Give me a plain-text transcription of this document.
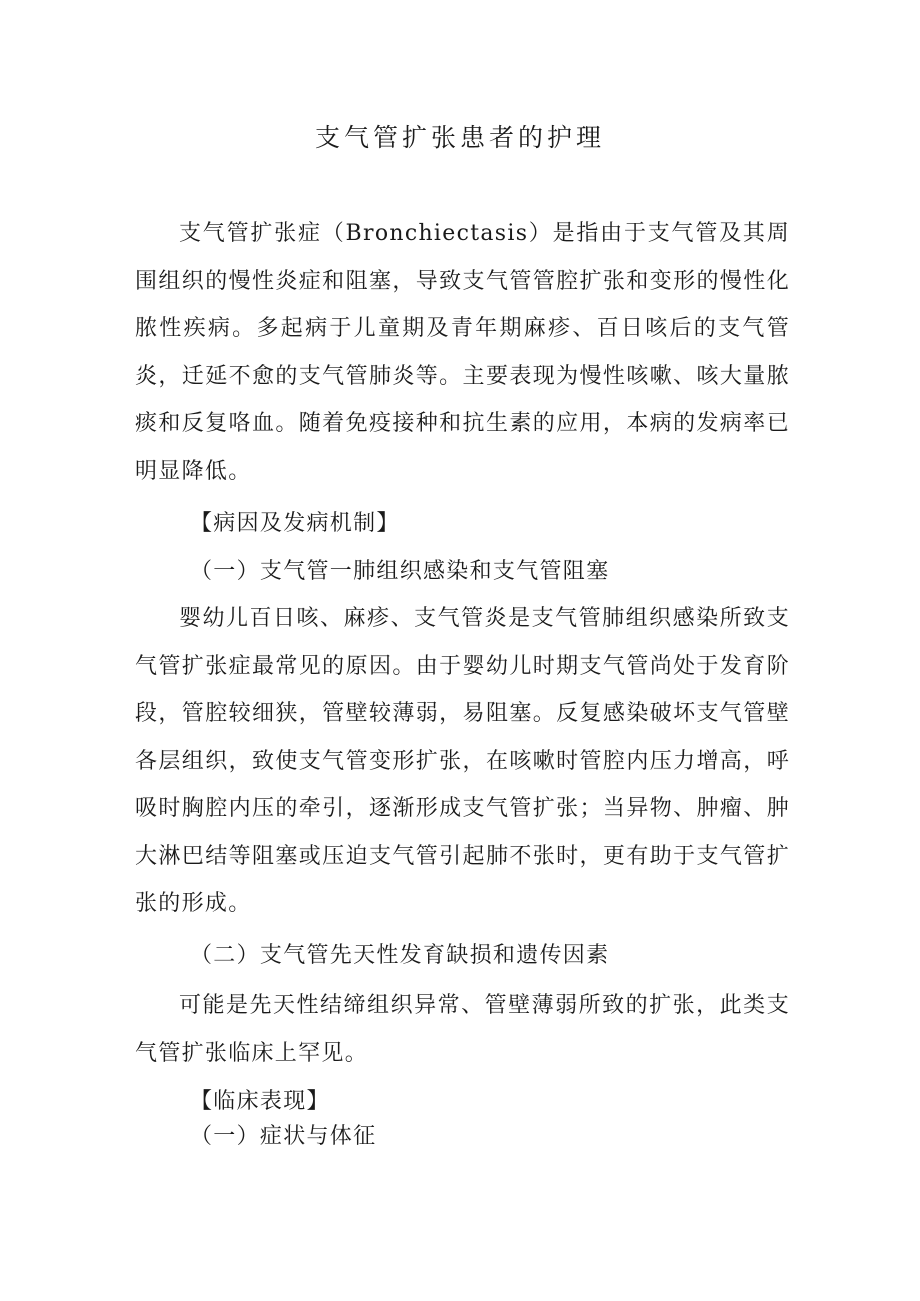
支气管扩张患者的护理

支气管扩张症（Bronchiectasis）是指由于支气管及其周围组织的慢性炎症和阻塞，导致支气管管腔扩张和变形的慢性化脓性疾病。多起病于儿童期及青年期麻疹、百日咳后的支气管炎，迁延不愈的支气管肺炎等。主要表现为慢性咳嗽、咳大量脓痰和反复咯血。随着免疫接种和抗生素的应用，本病的发病率已明显降低。

【病因及发病机制】
（一）支气管一肺组织感染和支气管阻塞

婴幼儿百日咳、麻疹、支气管炎是支气管肺组织感染所致支气管扩张症最常见的原因。由于婴幼儿时期支气管尚处于发育阶段，管腔较细狭，管壁较薄弱，易阻塞。反复感染破坏支气管壁各层组织，致使支气管变形扩张，在咳嗽时管腔内压力增高，呼吸时胸腔内压的牵引，逐渐形成支气管扩张；当异物、肿瘤、肿大淋巴结等阻塞或压迫支气管引起肺不张时，更有助于支气管扩张的形成。

（二）支气管先天性发育缺损和遗传因素

可能是先天性结缔组织异常、管壁薄弱所致的扩张，此类支气管扩张临床上罕见。

【临床表现】
（一）症状与体征
